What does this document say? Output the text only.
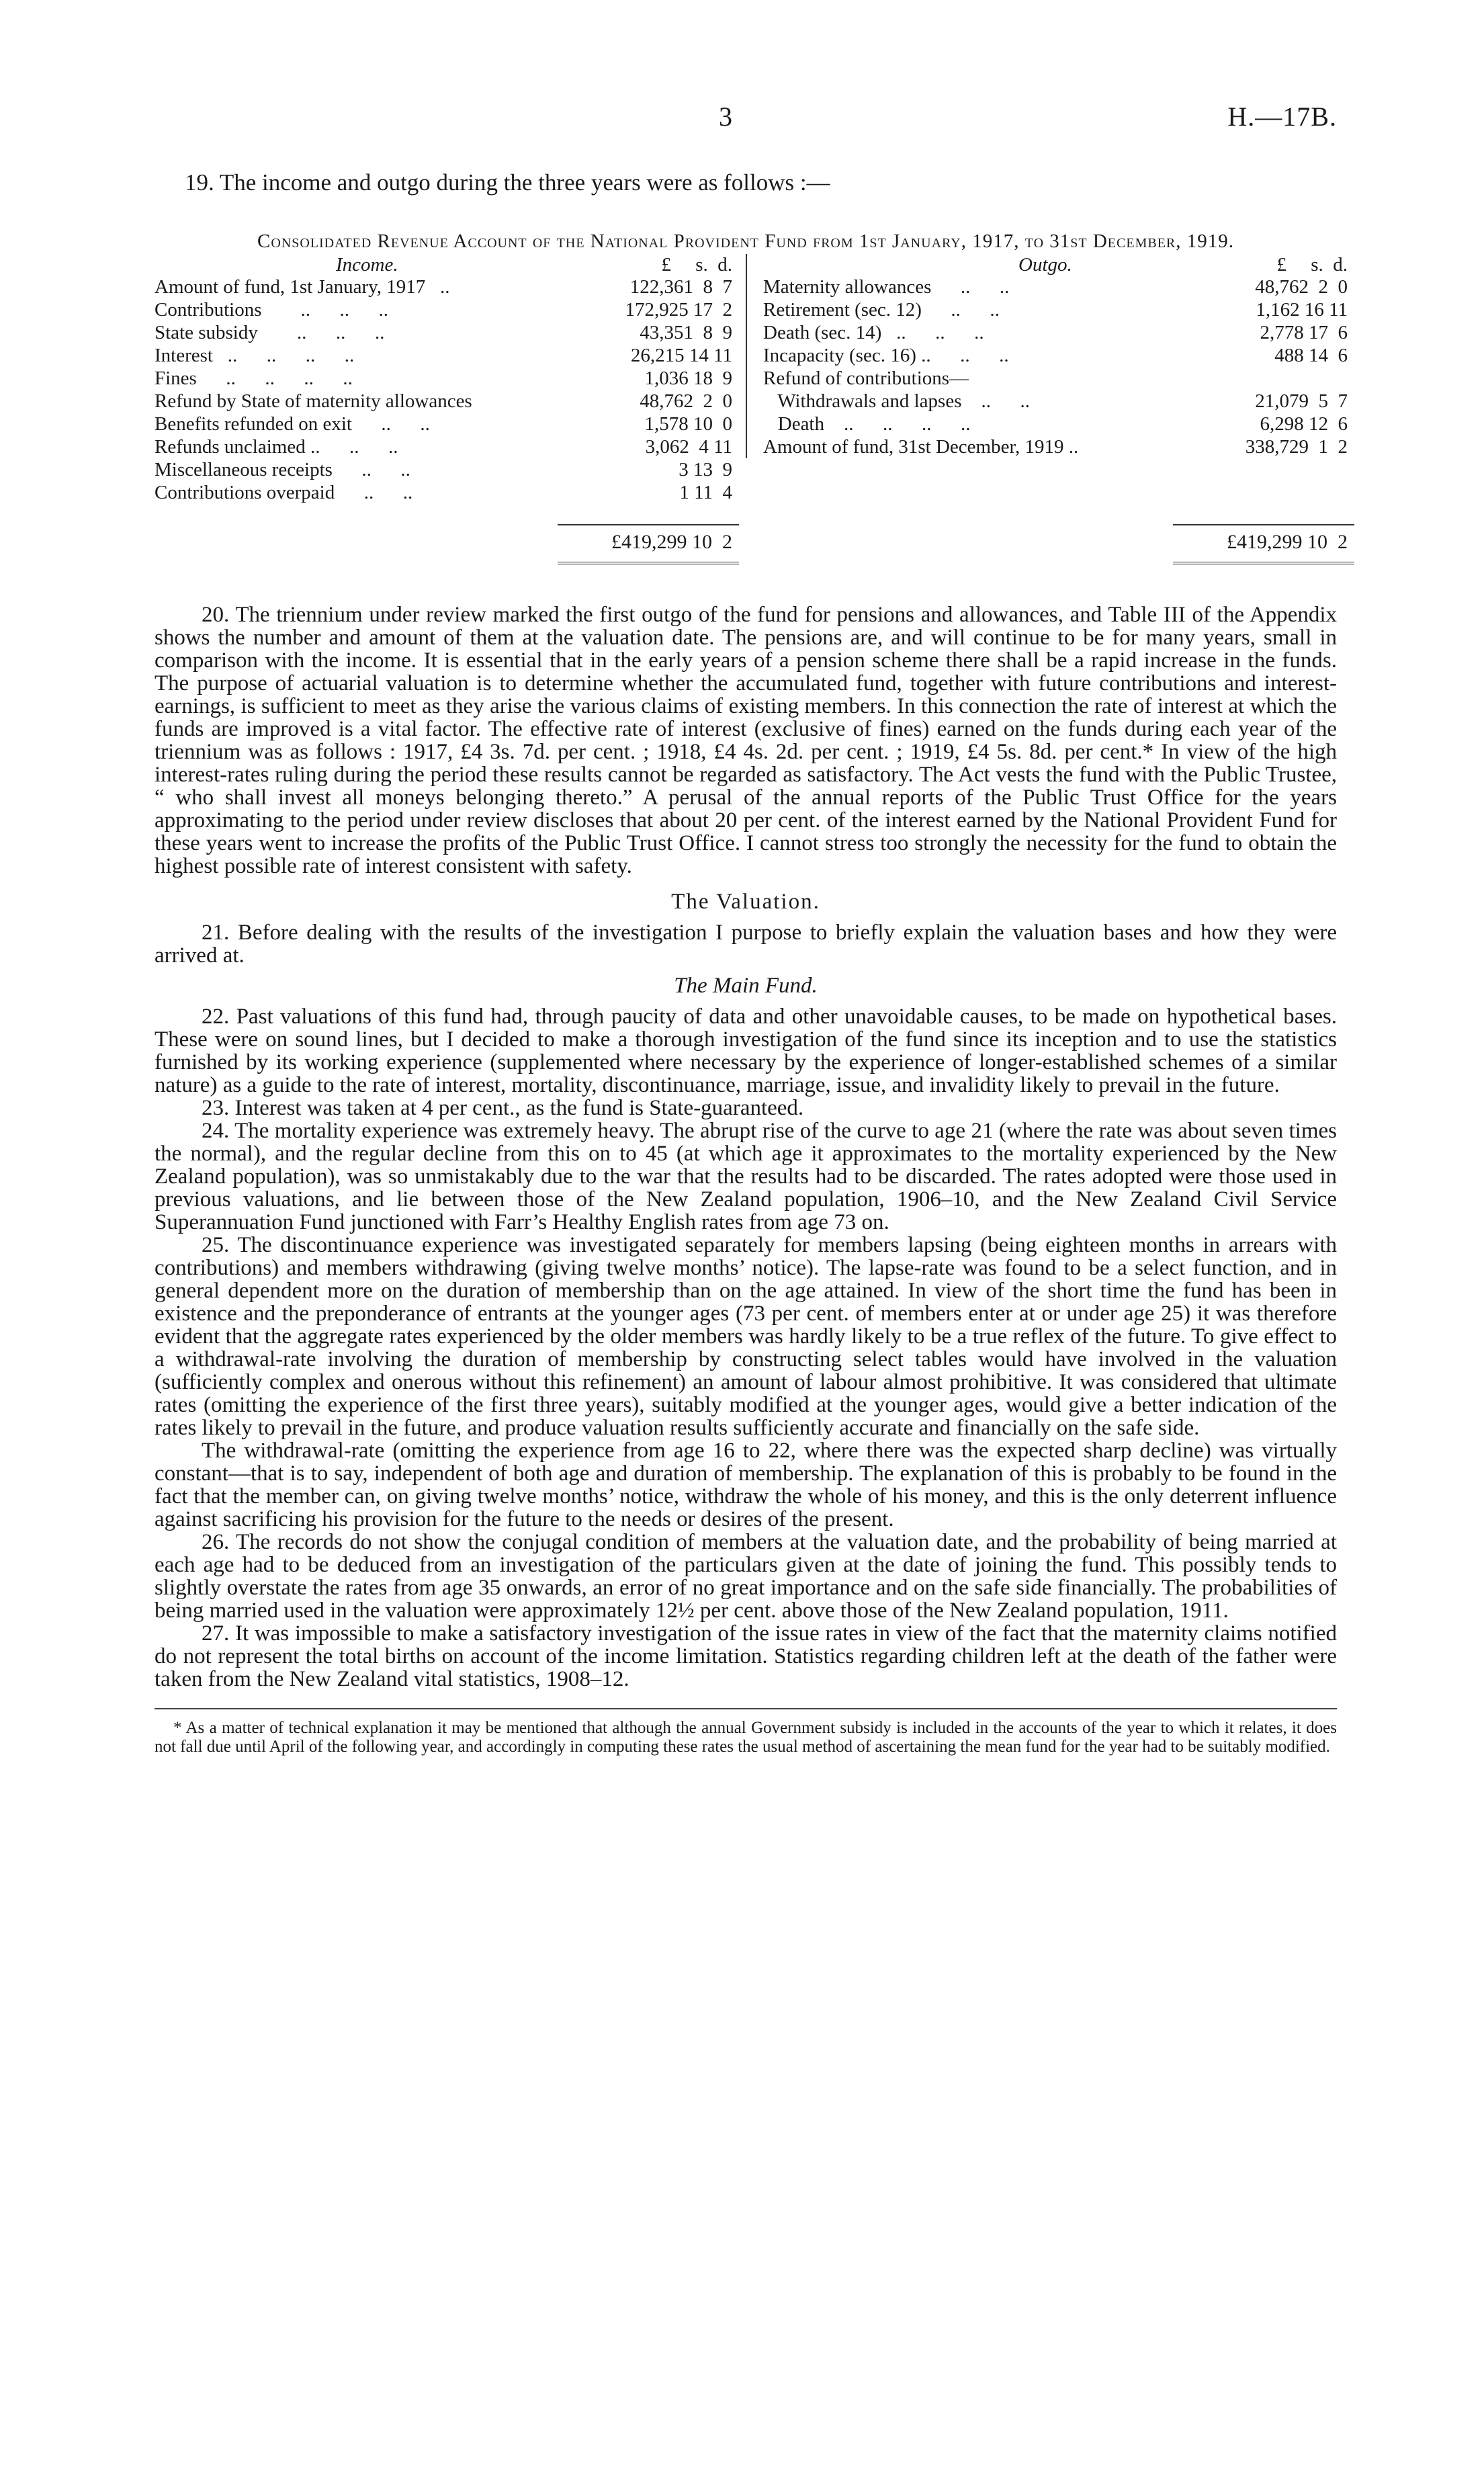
3	H.—17B.

19. The income and outgo during the three years were as follows :—

Consolidated Revenue Account of the National Provident Fund from 1st January, 1917, to 31st December, 1919.
Income.	£     s.  d.
Amount of fund, 1st January, 1917   ..	122,361  8  7
Contributions        ..      ..      ..	172,925 17  2
State subsidy        ..      ..      ..	43,351  8  9
Interest   ..      ..      ..      ..	26,215 14 11
Fines      ..      ..      ..      ..	1,036 18  9
Refund by State of maternity allowances	48,762  2  0
Benefits refunded on exit      ..      ..	1,578 10  0
Refunds unclaimed ..      ..      ..	3,062  4 11
Miscellaneous receipts      ..      ..	3 13  9
Contributions overpaid      ..      ..	1 11  4
£419,299 10  2
Outgo.	£     s.  d.
Maternity allowances      ..      ..	48,762  2  0
Retirement (sec. 12)      ..      ..	1,162 16 11
Death (sec. 14)   ..      ..      ..	2,778 17  6
Incapacity (sec. 16) ..      ..      ..	488 14  6
Refund of contributions—
Withdrawals and lapses    ..      ..	21,079  5  7
Death    ..      ..      ..      ..	6,298 12  6
Amount of fund, 31st December, 1919 ..	338,729  1  2
£419,299 10  2

20. The triennium under review marked the first outgo of the fund for pensions and allowances, and Table III of the Appendix shows the number and amount of them at the valuation date. The pensions are, and will continue to be for many years, small in comparison with the income. It is essential that in the early years of a pension scheme there shall be a rapid increase in the funds. The purpose of actuarial valuation is to determine whether the accumulated fund, together with future contributions and interest-earnings, is sufficient to meet as they arise the various claims of existing members. In this connection the rate of interest at which the funds are improved is a vital factor. The effective rate of interest (exclusive of fines) earned on the funds during each year of the triennium was as follows : 1917, £4 3s. 7d. per cent. ; 1918, £4 4s. 2d. per cent. ; 1919, £4 5s. 8d. per cent.* In view of the high interest-rates ruling during the period these results cannot be regarded as satisfactory. The Act vests the fund with the Public Trustee, “ who shall invest all moneys belonging thereto.” A perusal of the annual reports of the Public Trust Office for the years approximating to the period under review discloses that about 20 per cent. of the interest earned by the National Provident Fund for these years went to increase the profits of the Public Trust Office. I cannot stress too strongly the necessity for the fund to obtain the highest possible rate of interest consistent with safety.

The Valuation.

21. Before dealing with the results of the investigation I purpose to briefly explain the valuation bases and how they were arrived at.

The Main Fund.

22. Past valuations of this fund had, through paucity of data and other unavoidable causes, to be made on hypothetical bases. These were on sound lines, but I decided to make a thorough investigation of the fund since its inception and to use the statistics furnished by its working experience (supplemented where necessary by the experience of longer-established schemes of a similar nature) as a guide to the rate of interest, mortality, discontinuance, marriage, issue, and invalidity likely to prevail in the future.

23. Interest was taken at 4 per cent., as the fund is State-guaranteed.

24. The mortality experience was extremely heavy. The abrupt rise of the curve to age 21 (where the rate was about seven times the normal), and the regular decline from this on to 45 (at which age it approximates to the mortality experienced by the New Zealand population), was so unmistakably due to the war that the results had to be discarded. The rates adopted were those used in previous valuations, and lie between those of the New Zealand population, 1906–10, and the New Zealand Civil Service Superannuation Fund junctioned with Farr’s Healthy English rates from age 73 on.

25. The discontinuance experience was investigated separately for members lapsing (being eighteen months in arrears with contributions) and members withdrawing (giving twelve months’ notice). The lapse-rate was found to be a select function, and in general dependent more on the duration of membership than on the age attained. In view of the short time the fund has been in existence and the preponderance of entrants at the younger ages (73 per cent. of members enter at or under age 25) it was therefore evident that the aggregate rates experienced by the older members was hardly likely to be a true reflex of the future. To give effect to a withdrawal-rate involving the duration of membership by constructing select tables would have involved in the valuation (sufficiently complex and onerous without this refinement) an amount of labour almost prohibitive. It was considered that ultimate rates (omitting the experience of the first three years), suitably modified at the younger ages, would give a better indication of the rates likely to prevail in the future, and produce valuation results sufficiently accurate and financially on the safe side.

The withdrawal-rate (omitting the experience from age 16 to 22, where there was the expected sharp decline) was virtually constant—that is to say, independent of both age and duration of membership. The explanation of this is probably to be found in the fact that the member can, on giving twelve months’ notice, withdraw the whole of his money, and this is the only deterrent influence against sacrificing his provision for the future to the needs or desires of the present.

26. The records do not show the conjugal condition of members at the valuation date, and the probability of being married at each age had to be deduced from an investigation of the particulars given at the date of joining the fund. This possibly tends to slightly overstate the rates from age 35 onwards, an error of no great importance and on the safe side financially. The probabilities of being married used in the valuation were approximately 12½ per cent. above those of the New Zealand population, 1911.

27. It was impossible to make a satisfactory investigation of the issue rates in view of the fact that the maternity claims notified do not represent the total births on account of the income limitation. Statistics regarding children left at the death of the father were taken from the New Zealand vital statistics, 1908–12.

* As a matter of technical explanation it may be mentioned that although the annual Government subsidy is included in the accounts of the year to which it relates, it does not fall due until April of the following year, and accordingly in computing these rates the usual method of ascertaining the mean fund for the year had to be suitably modified.
